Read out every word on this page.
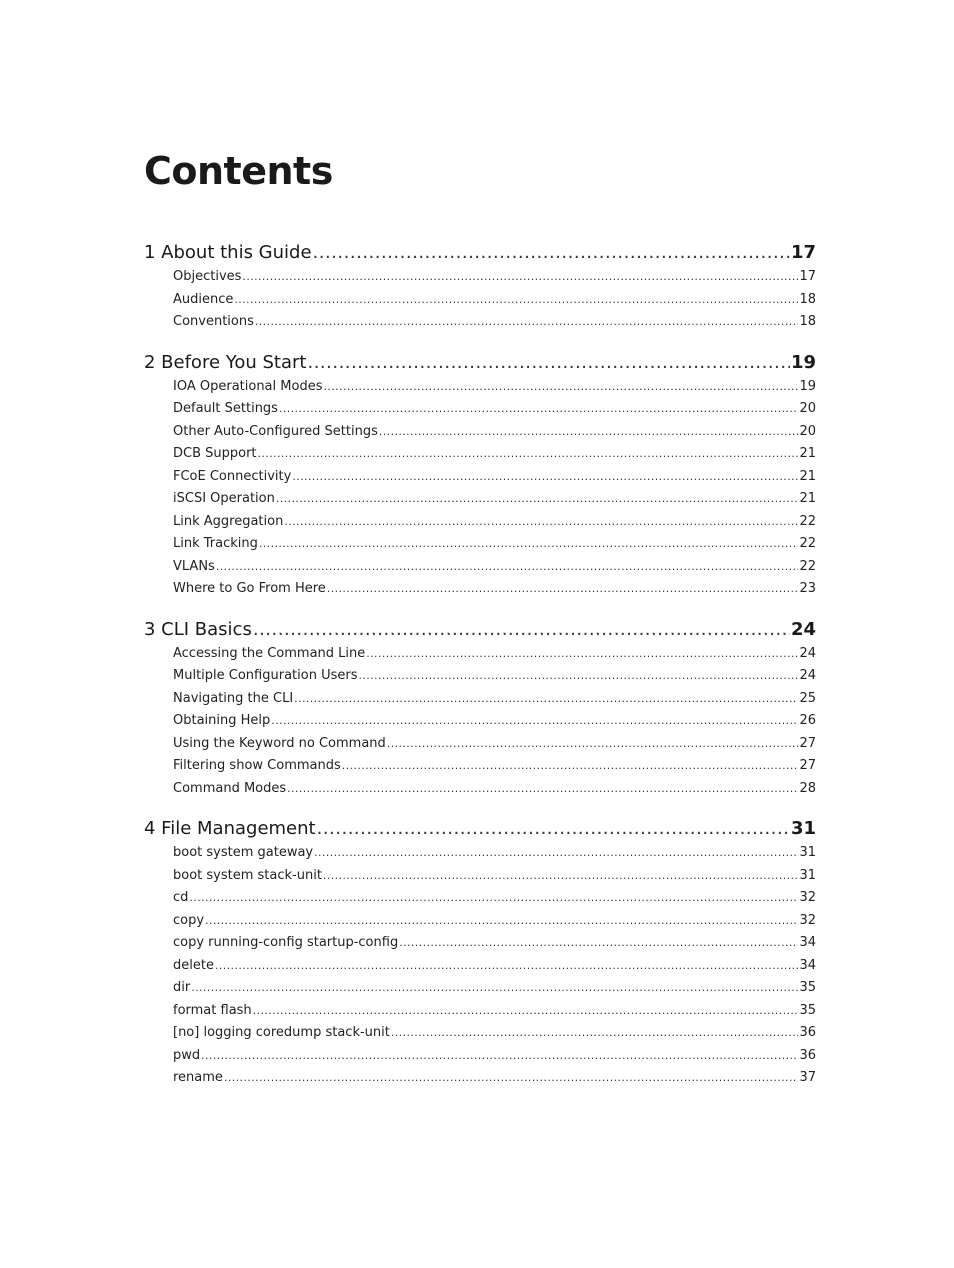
Contents
1 About this Guide .....	17
Objectives .....	17
Audience .....	18
Conventions .....	18
2 Before You Start .....	19
IOA Operational Modes .....	19
Default Settings .....	20
Other Auto-Configured Settings .....	20
DCB Support .....	21
FCoE Connectivity .....	21
iSCSI Operation .....	21
Link Aggregation .....	22
Link Tracking .....	22
VLANs .....	22
Where to Go From Here .....	23
3 CLI Basics .....	24
Accessing the Command Line .....	24
Multiple Configuration Users .....	24
Navigating the CLI .....	25
Obtaining Help .....	26
Using the Keyword no Command .....	27
Filtering show Commands .....	27
Command Modes .....	28
4 File Management .....	31
boot system gateway .....	31
boot system stack-unit .....	31
cd .....	32
copy .....	32
copy running-config startup-config .....	34
delete .....	34
dir .....	35
format flash .....	35
[no] logging coredump stack-unit .....	36
pwd .....	36
rename .....	37
